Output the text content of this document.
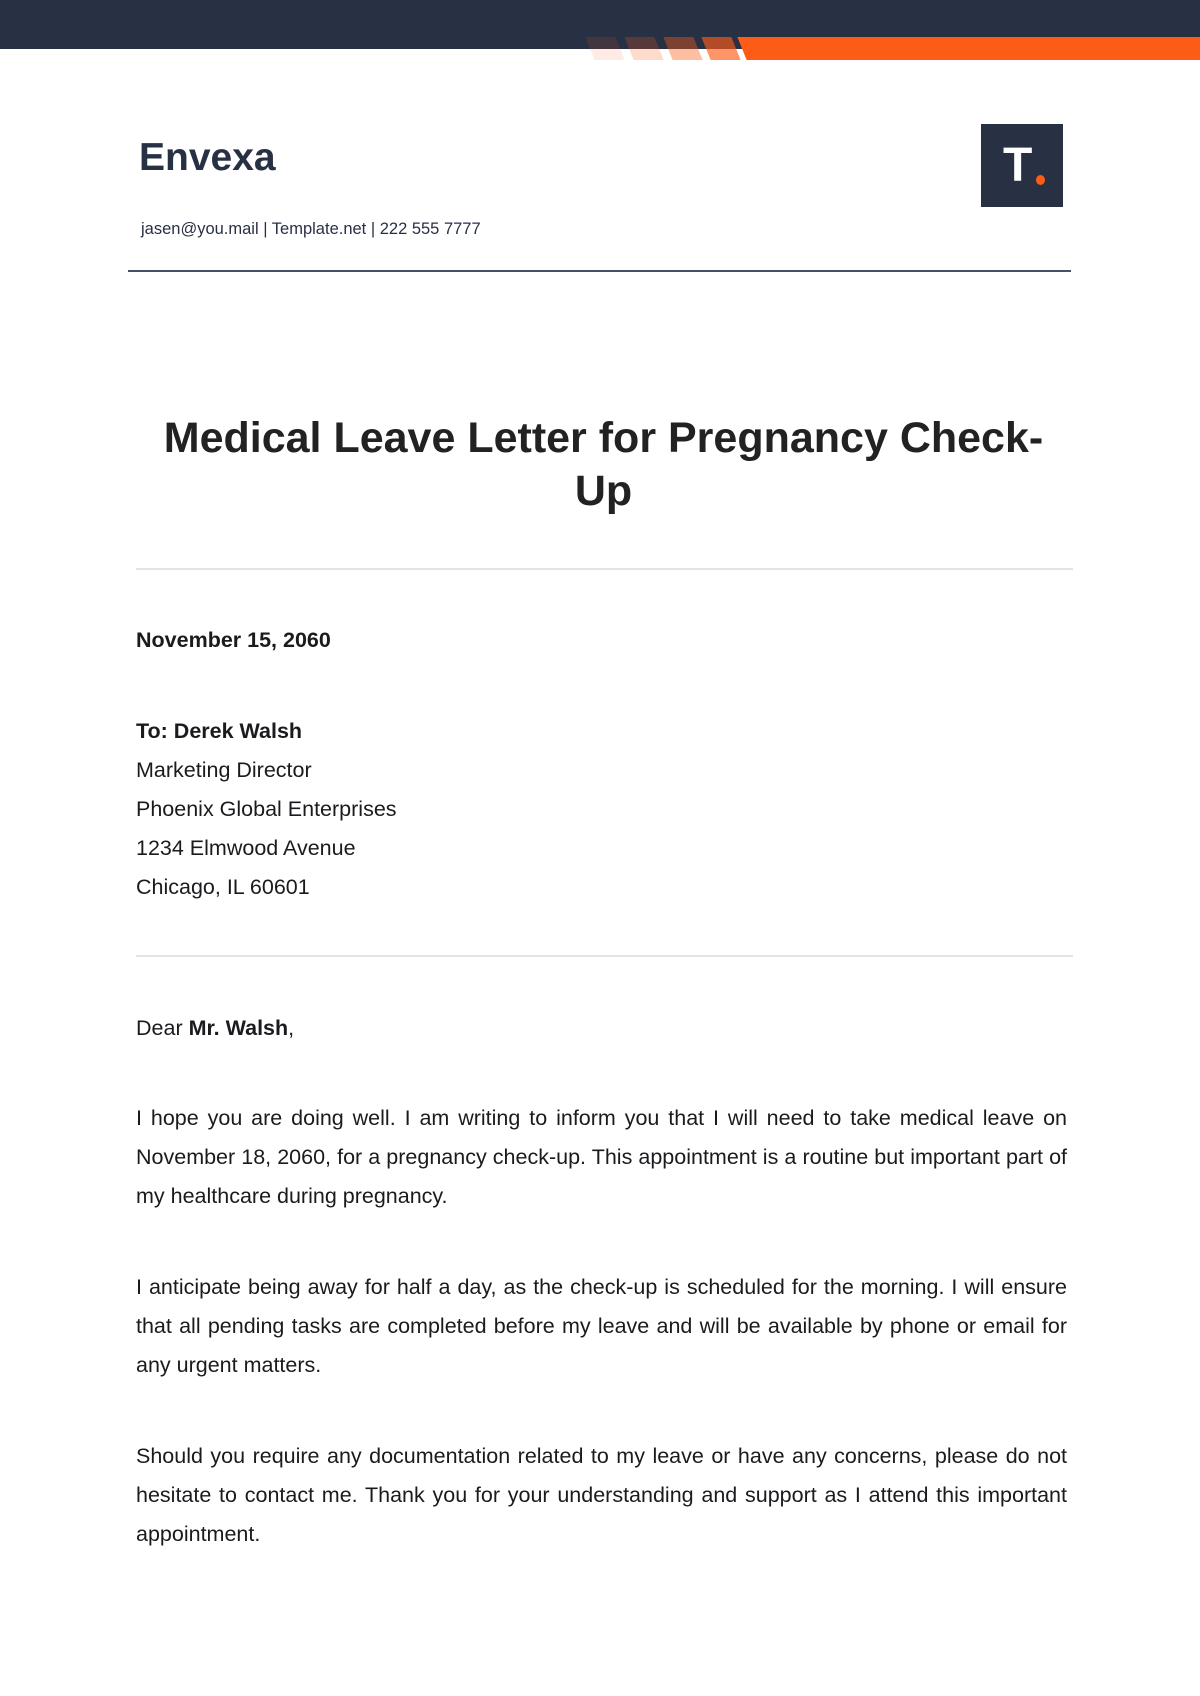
Envexa
jasen@you.mail | Template.net | 222 555 7777
T
Medical Leave Letter for Pregnancy Check-Up
November 15, 2060
To: Derek Walsh
Marketing Director
Phoenix Global Enterprises
1234 Elmwood Avenue
Chicago, IL 60601
Dear Mr. Walsh,
I hope you are doing well. I am writing to inform you that I will need to take medical leave on November 18, 2060, for a pregnancy check-up. This appointment is a routine but important part of my healthcare during pregnancy.
I anticipate being away for half a day, as the check-up is scheduled for the morning. I will ensure that all pending tasks are completed before my leave and will be available by phone or email for any urgent matters.
Should you require any documentation related to my leave or have any concerns, please do not hesitate to contact me. Thank you for your understanding and support as I attend this important appointment.
